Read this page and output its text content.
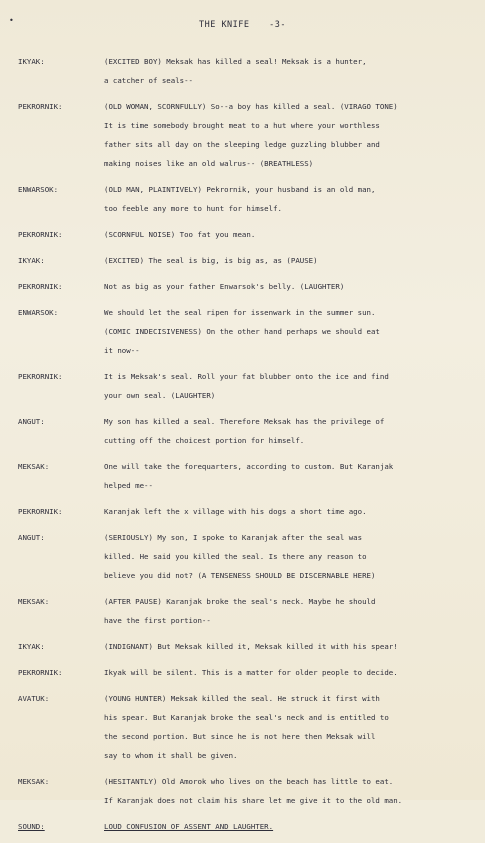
•	THE KNIFE -3-
IKYAK:	(EXCITED BOY) Meksak has killed a seal! Meksak is a hunter,
a catcher of seals--
PEKRORNIK:	(OLD WOMAN, SCORNFULLY) So--a boy has killed a seal. (VIRAGO TONE)
It is time somebody brought meat to a hut where your worthless
father sits all day on the sleeping ledge guzzling blubber and
making noises like an old walrus-- (BREATHLESS)
ENWARSOK:	(OLD MAN, PLAINTIVELY) Pekrornik, your husband is an old man,
too feeble any more to hunt for himself.
PEKRORNIK:	(SCORNFUL NOISE) Too fat you mean.
IKYAK:	(EXCITED) The seal is big, is big as, as (PAUSE)
PEKRORNIK:	Not as big as your father Enwarsok's belly. (LAUGHTER)
ENWARSOK:	We should let the seal ripen for issenwark in the summer sun.
(COMIC INDECISIVENESS) On the other hand perhaps we should eat
it now--
PEKRORNIK:	It is Meksak's seal. Roll your fat blubber onto the ice and find
your own seal. (LAUGHTER)
ANGUT:	My son has killed a seal. Therefore Meksak has the privilege of
cutting off the choicest portion for himself.
MEKSAK:	One will take the forequarters, according to custom. But Karanjak
helped me--
PEKRORNIK:	Karanjak left the x village with his dogs a short time ago.
ANGUT:	(SERIOUSLY) My son, I spoke to Karanjak after the seal was
killed. He said you killed the seal. Is there any reason to
believe you did not? (A TENSENESS SHOULD BE DISCERNABLE HERE)
MEKSAK:	(AFTER PAUSE) Karanjak broke the seal's neck. Maybe he should
have the first portion--
IKYAK:	(INDIGNANT) But Meksak killed it, Meksak killed it with his spear!
PEKRORNIK:	Ikyak will be silent. This is a matter for older people to decide.
AVATUK:	(YOUNG HUNTER) Meksak killed the seal. He struck it first with
his spear. But Karanjak broke the seal's neck and is entitled to
the second portion. But since he is not here then Meksak will
say to whom it shall be given.
MEKSAK:	(HESITANTLY) Old Amorok who lives on the beach has little to eat.
If Karanjak does not claim his share let me give it to the old man.
SOUND:	LOUD CONFUSION OF ASSENT AND LAUGHTER.
